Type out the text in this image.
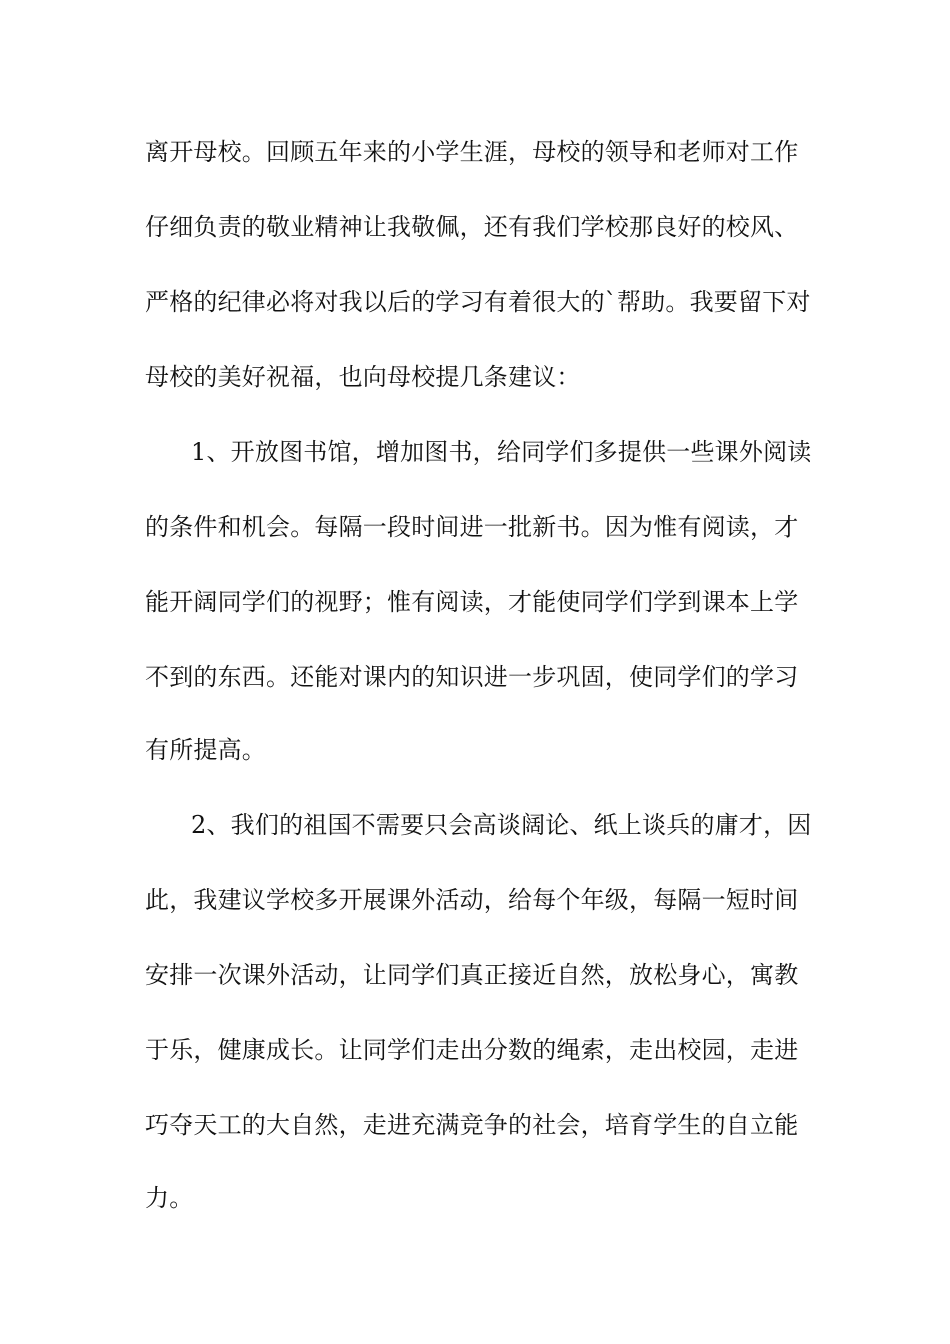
离开母校。回顾五年来的小学生涯，母校的领导和老师对工作
仔细负责的敬业精神让我敬佩，还有我们学校那良好的校风、
严格的纪律必将对我以后的学习有着很大的`帮助。我要留下对
母校的美好祝福，也向母校提几条建议：
1、开放图书馆，增加图书，给同学们多提供一些课外阅读
的条件和机会。每隔一段时间进一批新书。因为惟有阅读，才
能开阔同学们的视野；惟有阅读，才能使同学们学到课本上学
不到的东西。还能对课内的知识进一步巩固，使同学们的学习
有所提高。
2、我们的祖国不需要只会高谈阔论、纸上谈兵的庸才，因
此，我建议学校多开展课外活动，给每个年级，每隔一短时间
安排一次课外活动，让同学们真正接近自然，放松身心，寓教
于乐，健康成长。让同学们走出分数的绳索，走出校园，走进
巧夺天工的大自然，走进充满竞争的社会，培育学生的自立能
力。
